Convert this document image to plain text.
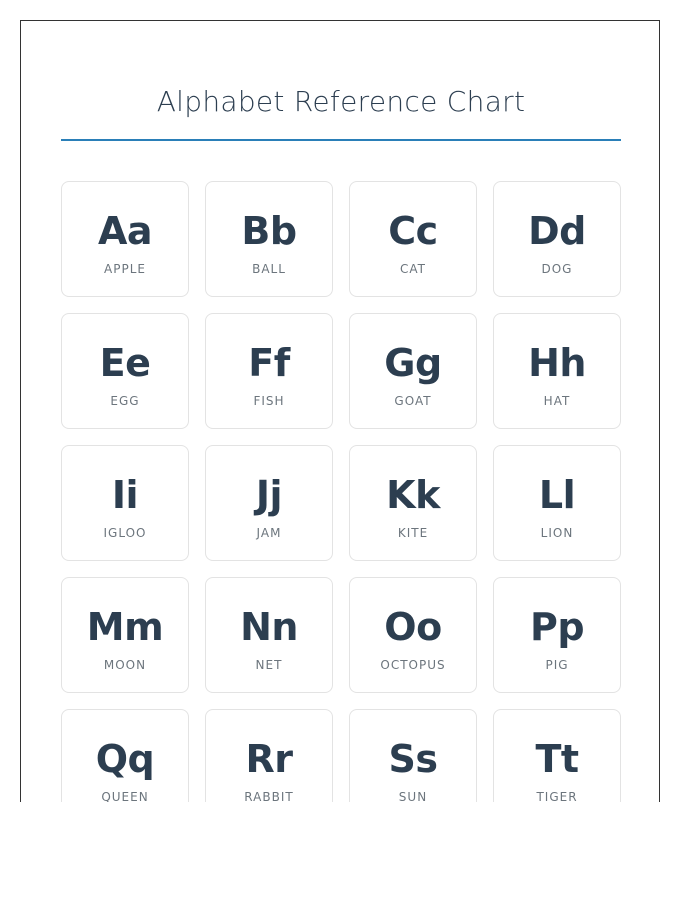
Alphabet Reference Chart
Aa
APPLE
Bb
BALL
Cc
CAT
Dd
DOG
Ee
EGG
Ff
FISH
Gg
GOAT
Hh
HAT
Ii
IGLOO
Jj
JAM
Kk
KITE
Ll
LION
Mm
MOON
Nn
NET
Oo
OCTOPUS
Pp
PIG
Qq
QUEEN
Rr
RABBIT
Ss
SUN
Tt
TIGER
